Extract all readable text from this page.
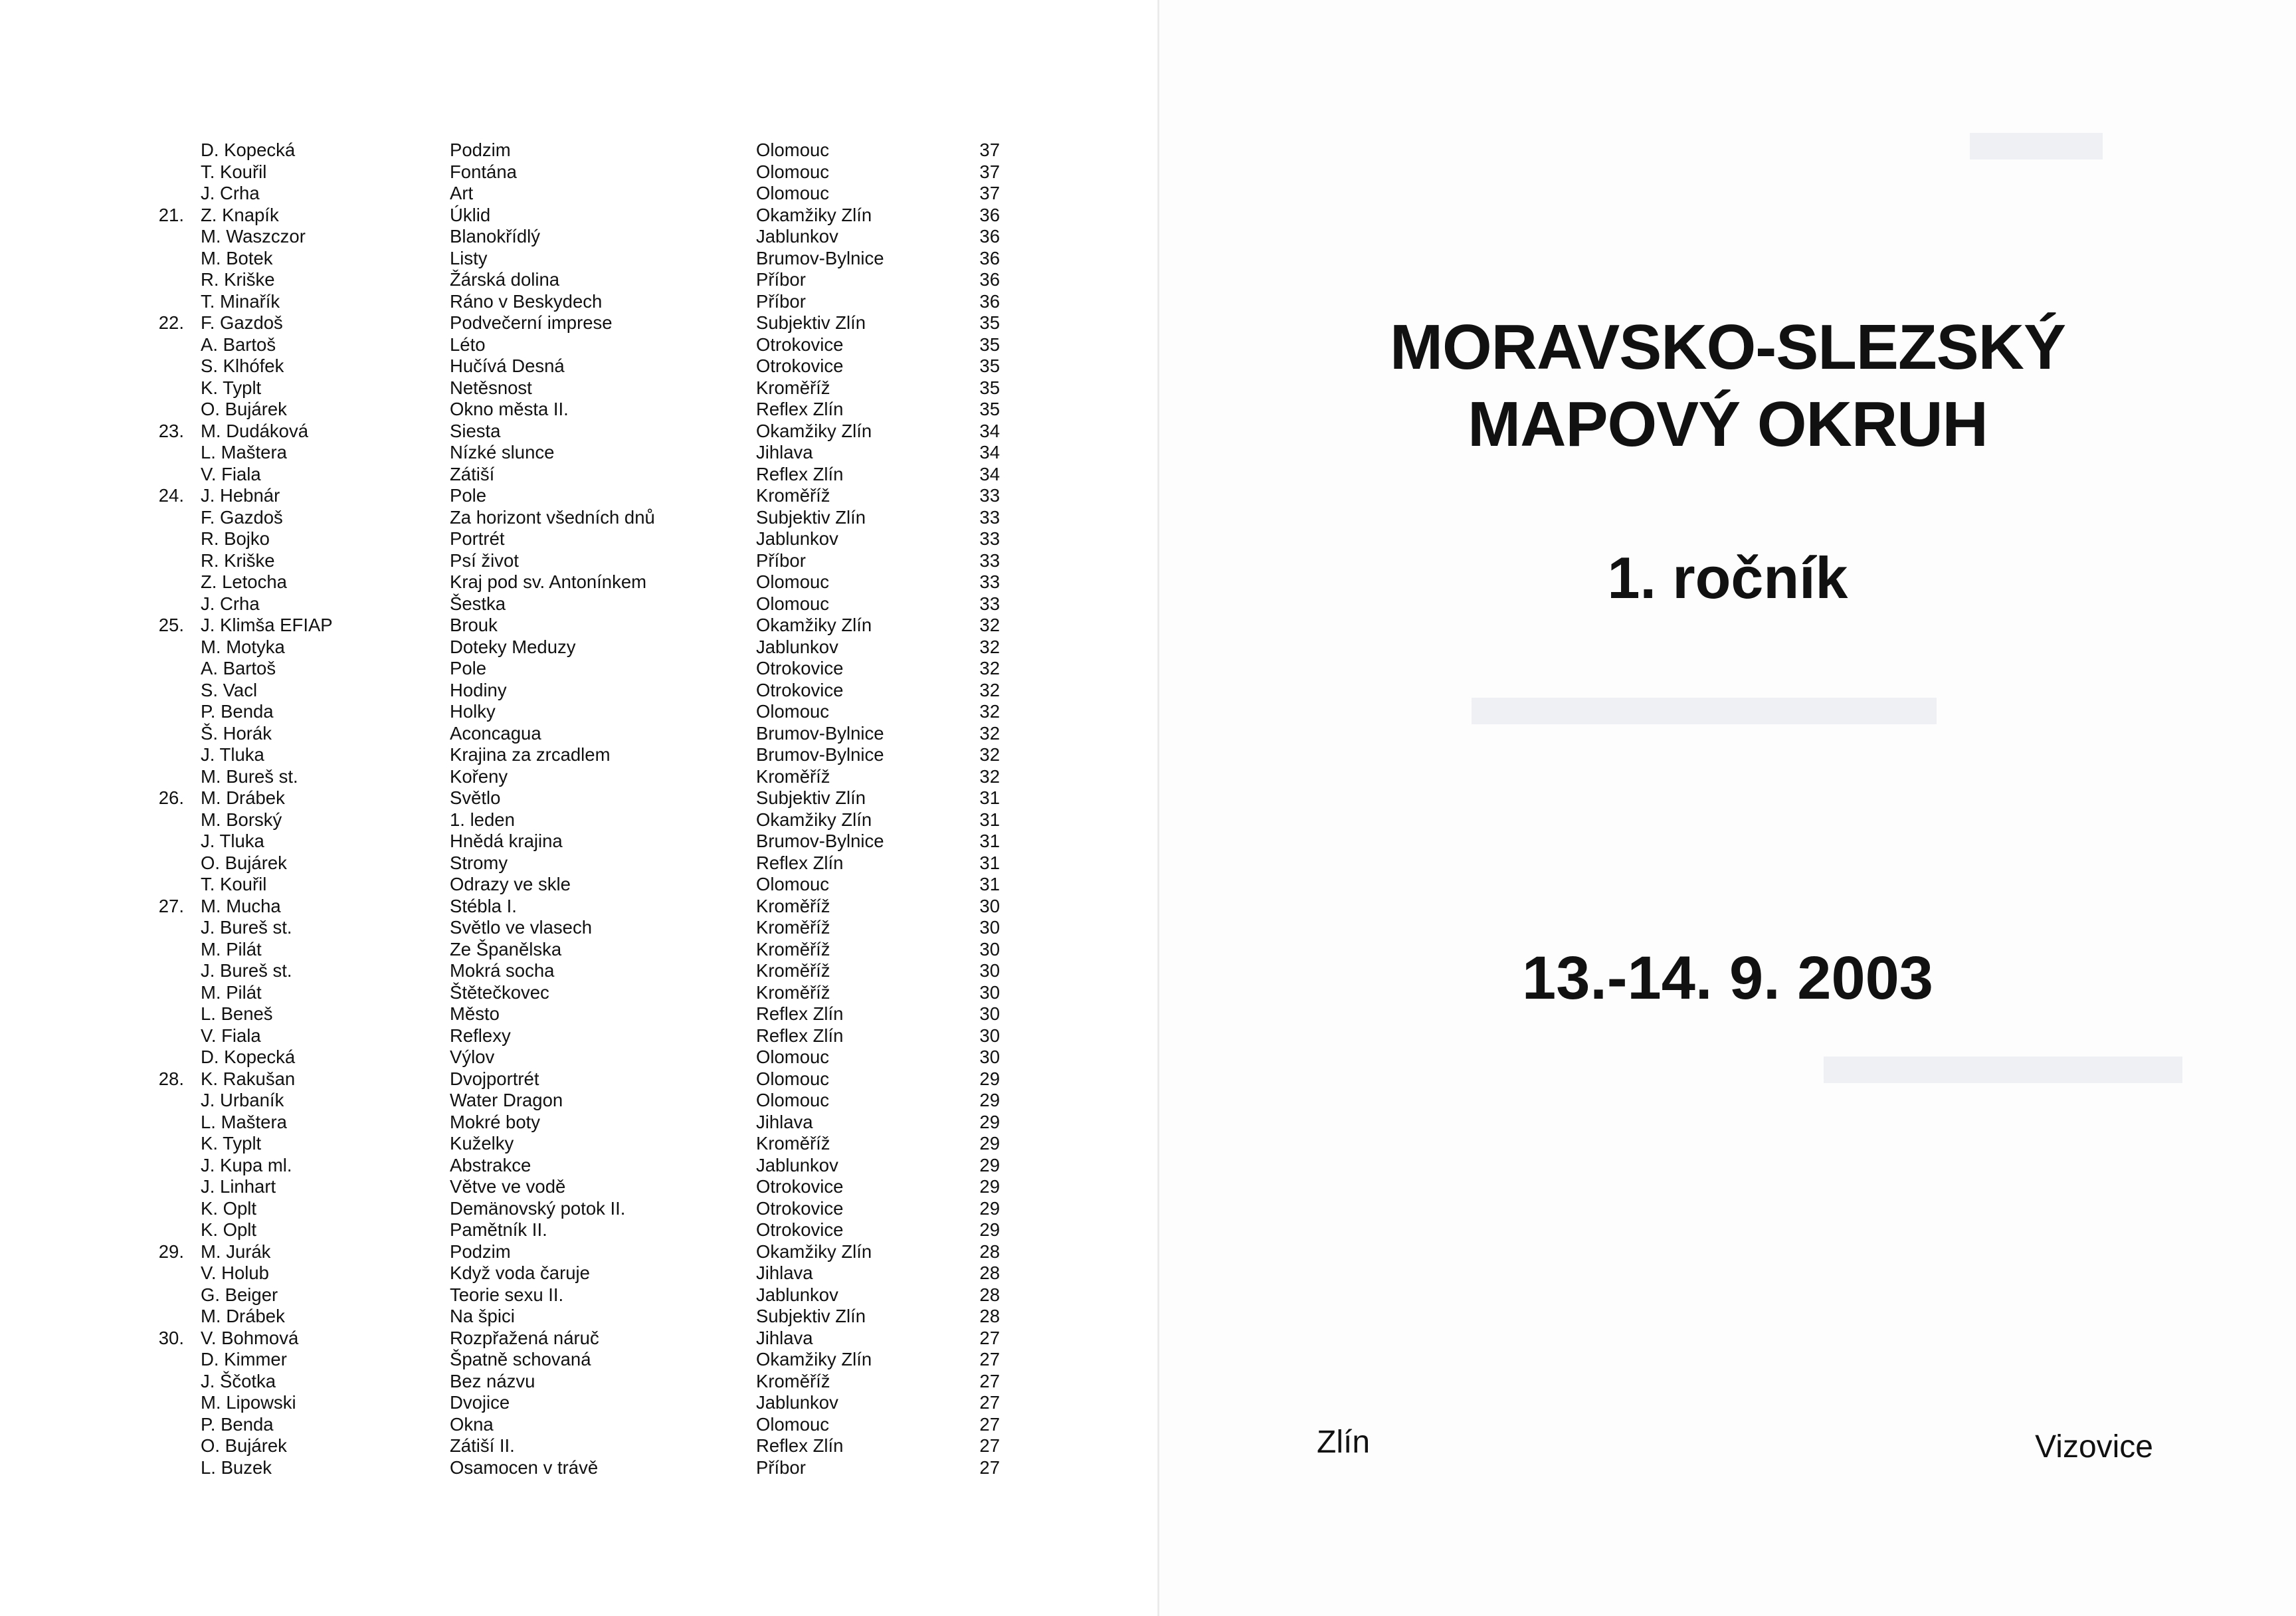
D. Kopecká	Podzim	Olomouc	37
T. Kouřil	Fontána	Olomouc	37
J. Crha	Art	Olomouc	37
21. Z. Knapík	Úklid	Okamžiky Zlín	36
M. Waszczor	Blanokřídlý	Jablunkov	36
M. Botek	Listy	Brumov-Bylnice	36
R. Kriške	Žárská dolina	Příbor	36
T. Minařík	Ráno v Beskydech	Příbor	36
22. F. Gazdoš	Podvečerní imprese	Subjektiv Zlín	35
A. Bartoš	Léto	Otrokovice	35
S. Klhófek	Hučívá Desná	Otrokovice	35
K. Typlt	Netěsnost	Kroměříž	35
O. Bujárek	Okno města II.	Reflex Zlín	35
23. M. Dudáková	Siesta	Okamžiky Zlín	34
L. Maštera	Nízké slunce	Jihlava	34
V. Fiala	Zátiší	Reflex Zlín	34
24. J. Hebnár	Pole	Kroměříž	33
F. Gazdoš	Za horizont všedních dnů	Subjektiv Zlín	33
R. Bojko	Portrét	Jablunkov	33
R. Kriške	Psí život	Příbor	33
Z. Letocha	Kraj pod sv. Antonínkem	Olomouc	33
J. Crha	Šestka	Olomouc	33
25. J. Klimša EFIAP	Brouk	Okamžiky Zlín	32
M. Motyka	Doteky Meduzy	Jablunkov	32
A. Bartoš	Pole	Otrokovice	32
S. Vacl	Hodiny	Otrokovice	32
P. Benda	Holky	Olomouc	32
Š. Horák	Aconcagua	Brumov-Bylnice	32
J. Tluka	Krajina za zrcadlem	Brumov-Bylnice	32
M. Bureš st.	Kořeny	Kroměříž	32
26. M. Drábek	Světlo	Subjektiv Zlín	31
M. Borský	1. leden	Okamžiky Zlín	31
J. Tluka	Hnědá krajina	Brumov-Bylnice	31
O. Bujárek	Stromy	Reflex Zlín	31
T. Kouřil	Odrazy ve skle	Olomouc	31
27. M. Mucha	Stébla I.	Kroměříž	30
J. Bureš st.	Světlo ve vlasech	Kroměříž	30
M. Pilát	Ze Španělska	Kroměříž	30
J. Bureš st.	Mokrá socha	Kroměříž	30
M. Pilát	Štětečkovec	Kroměříž	30
L. Beneš	Město	Reflex Zlín	30
V. Fiala	Reflexy	Reflex Zlín	30
D. Kopecká	Výlov	Olomouc	30
28. K. Rakušan	Dvojportrét	Olomouc	29
J. Urbaník	Water Dragon	Olomouc	29
L. Maštera	Mokré boty	Jihlava	29
K. Typlt	Kuželky	Kroměříž	29
J. Kupa ml.	Abstrakce	Jablunkov	29
J. Linhart	Větve ve vodě	Otrokovice	29
K. Oplt	Demänovský potok II.	Otrokovice	29
K. Oplt	Pamětník II.	Otrokovice	29
29. M. Jurák	Podzim	Okamžiky Zlín	28
V. Holub	Když voda čaruje	Jihlava	28
G. Beiger	Teorie sexu II.	Jablunkov	28
M. Drábek	Na špici	Subjektiv Zlín	28
30. V. Bohmová	Rozpřažená náruč	Jihlava	27
D. Kimmer	Špatně schovaná	Okamžiky Zlín	27
J. Ščotka	Bez názvu	Kroměříž	27
M. Lipowski	Dvojice	Jablunkov	27
P. Benda	Okna	Olomouc	27
O. Bujárek	Zátiší II.	Reflex Zlín	27
L. Buzek	Osamocen v trávě	Příbor	27
MORAVSKO-SLEZSKÝ
MAPOVÝ OKRUH
1. ročník
13.-14. 9. 2003
Zlín	Vizovice
